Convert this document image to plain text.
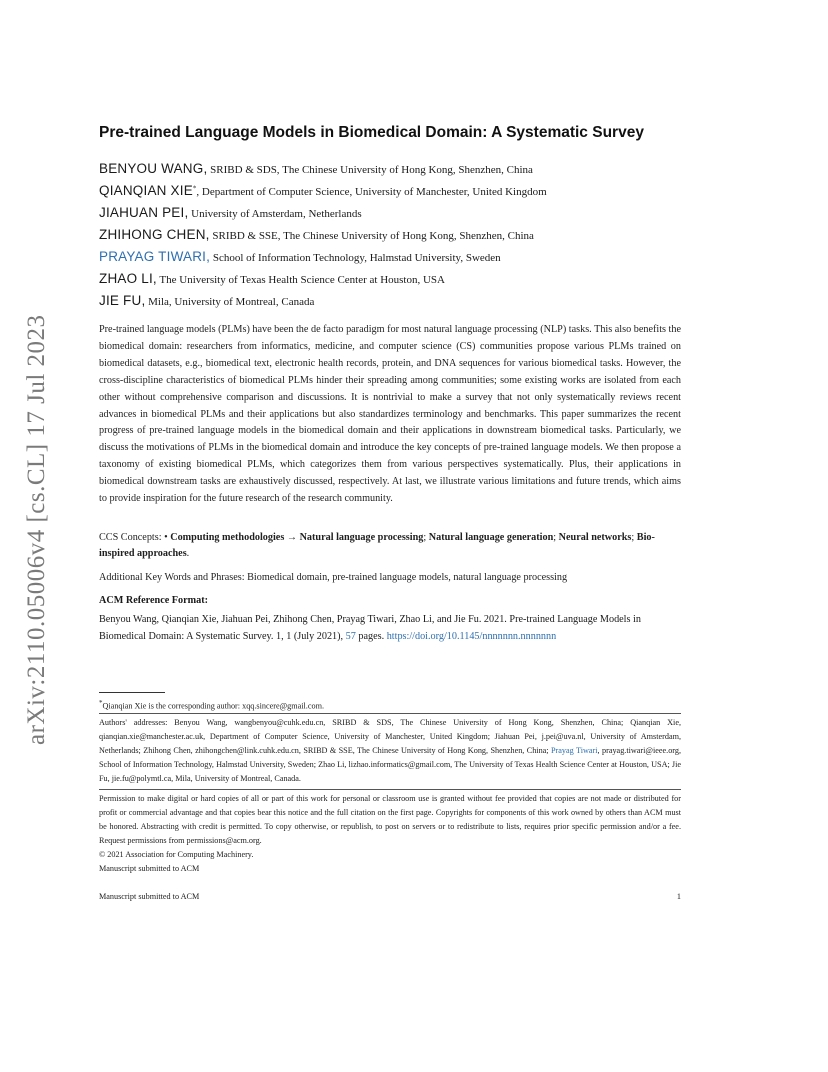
arXiv:2110.05006v4 [cs.CL] 17 Jul 2023
Pre-trained Language Models in Biomedical Domain: A Systematic Survey
BENYOU WANG, SRIBD & SDS, The Chinese University of Hong Kong, Shenzhen, China
QIANQIAN XIE*, Department of Computer Science, University of Manchester, United Kingdom
JIAHUAN PEI, University of Amsterdam, Netherlands
ZHIHONG CHEN, SRIBD & SSE, The Chinese University of Hong Kong, Shenzhen, China
PRAYAG TIWARI, School of Information Technology, Halmstad University, Sweden
ZHAO LI, The University of Texas Health Science Center at Houston, USA
JIE FU, Mila, University of Montreal, Canada
Pre-trained language models (PLMs) have been the de facto paradigm for most natural language processing (NLP) tasks. This also benefits the biomedical domain: researchers from informatics, medicine, and computer science (CS) communities propose various PLMs trained on biomedical datasets, e.g., biomedical text, electronic health records, protein, and DNA sequences for various biomedical tasks. However, the cross-discipline characteristics of biomedical PLMs hinder their spreading among communities; some existing works are isolated from each other without comprehensive comparison and discussions. It is nontrivial to make a survey that not only systematically reviews recent advances in biomedical PLMs and their applications but also standardizes terminology and benchmarks. This paper summarizes the recent progress of pre-trained language models in the biomedical domain and their applications in downstream biomedical tasks. Particularly, we discuss the motivations of PLMs in the biomedical domain and introduce the key concepts of pre-trained language models. We then propose a taxonomy of existing biomedical PLMs, which categorizes them from various perspectives systematically. Plus, their applications in biomedical downstream tasks are exhaustively discussed, respectively. At last, we illustrate various limitations and future trends, which aims to provide inspiration for the future research of the research community.
CCS Concepts: • Computing methodologies → Natural language processing; Natural language generation; Neural networks; Bio-inspired approaches.
Additional Key Words and Phrases: Biomedical domain, pre-trained language models, natural language processing
ACM Reference Format:
Benyou Wang, Qianqian Xie, Jiahuan Pei, Zhihong Chen, Prayag Tiwari, Zhao Li, and Jie Fu. 2021. Pre-trained Language Models in Biomedical Domain: A Systematic Survey. 1, 1 (July 2021), 57 pages. https://doi.org/10.1145/nnnnnnn.nnnnnnn
*Qianqian Xie is the corresponding author: xqq.sincere@gmail.com.
Authors' addresses: Benyou Wang, wangbenyou@cuhk.edu.cn, SRIBD & SDS, The Chinese University of Hong Kong, Shenzhen, China; Qianqian Xie, qianqian.xie@manchester.ac.uk, Department of Computer Science, University of Manchester, United Kingdom; Jiahuan Pei, j.pei@uva.nl, University of Amsterdam, Netherlands; Zhihong Chen, zhihongchen@link.cuhk.edu.cn, SRIBD & SSE, The Chinese University of Hong Kong, Shenzhen, China; Prayag Tiwari, prayag.tiwari@ieee.org, School of Information Technology, Halmstad University, Sweden; Zhao Li, lizhao.informatics@gmail.com, The University of Texas Health Science Center at Houston, USA; Jie Fu, jie.fu@polymtl.ca, Mila, University of Montreal, Canada.
Permission to make digital or hard copies of all or part of this work for personal or classroom use is granted without fee provided that copies are not made or distributed for profit or commercial advantage and that copies bear this notice and the full citation on the first page. Copyrights for components of this work owned by others than ACM must be honored. Abstracting with credit is permitted. To copy otherwise, or republish, to post on servers or to redistribute to lists, requires prior specific permission and/or a fee. Request permissions from permissions@acm.org.
© 2021 Association for Computing Machinery.
Manuscript submitted to ACM
Manuscript submitted to ACM	1
